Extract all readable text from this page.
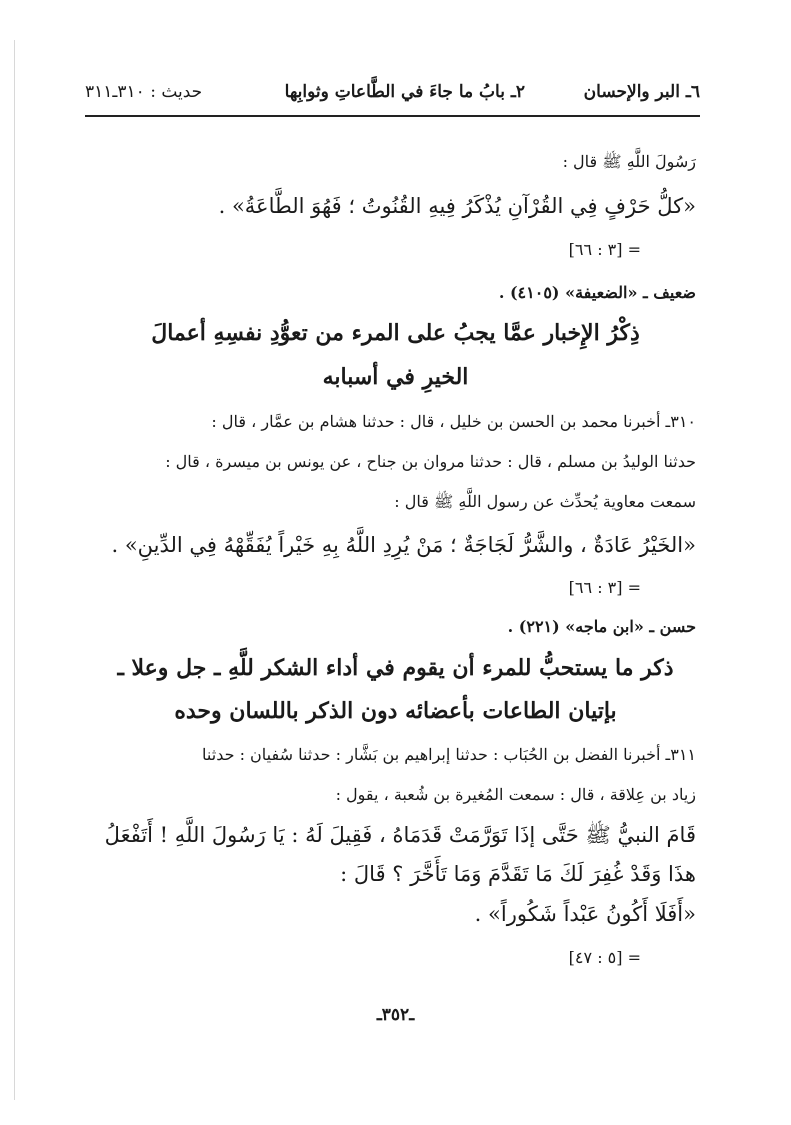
٦ـ البر والإحسان
٢ـ بابُ ما جاءَ في الطَّاعاتِ وثوابِها
حديث : ٣١٠ـ٣١١
رَسُولَ اللَّهِ ﷺ قال :
«كلُّ حَرْفٍ فِي القُرْآنِ يُذْكَرُ فِيهِ القُنُوتُ ؛ فَهُوَ الطَّاعَةُ» .
= [٣ : ٦٦]
ضعيف ـ «الضعيفة» (٤١٠٥) .
ذِكْرُ الإِخبار عمَّا يجبُ على المرء من تعوُّدِ نفسِهِ أعمالَ
الخيرِ في أسبابه
٣١٠ـ أخبرنا محمد بن الحسن بن خليل ، قال : حدثنا هشام بن عمَّار ، قال :
حدثنا الوليدُ بن مسلم ، قال : حدثنا مروان بن جناح ، عن يونس بن ميسرة ، قال :
سمعت معاوية يُحدِّث عن رسول اللَّهِ ﷺ قال :
«الخَيْرُ عَادَةٌ ، والشَّرُّ لَجَاجَةٌ ؛ مَنْ يُرِدِ اللَّهُ بِهِ خَيْراً يُفَقِّهْهُ فِي الدِّينِ» .
= [٣ : ٦٦]
حسن ـ «ابن ماجه» (٢٢١) .
ذكر ما يستحبُّ للمرء أن يقوم في أداء الشكر للَّهِ ـ جل وعلا ـ
بإتيان الطاعات بأعضائه دون الذكر باللسان وحده
٣١١ـ أخبرنا الفضل بن الحُبَاب : حدثنا إبراهيم بن بَشَّار : حدثنا سُفيان : حدثنا
زياد بن عِلاقة ، قال : سمعت المُغيرة بن شُعبة ، يقول :
قَامَ النبيُّ ﷺ حَتَّى إذَا تَوَرَّمَتْ قَدَمَاهُ ، فَقِيلَ لَهُ : يَا رَسُولَ اللَّهِ ! أَتَفْعَلُ
هذَا وَقَدْ غُفِرَ لَكَ مَا تَقَدَّمَ وَمَا تَأَخَّرَ ؟ قَالَ :
«أَفَلَا أَكُونُ عَبْداً شَكُوراً» .
= [٥ : ٤٧]
ـ٣٥٢ـ
